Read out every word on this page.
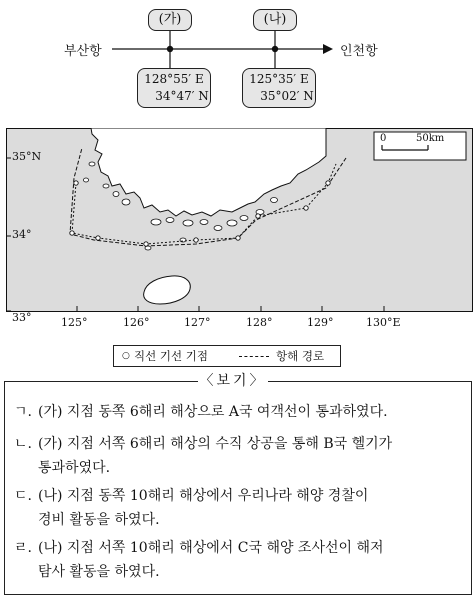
부산항	인천항
(가)	(나)
128°55′ E
34°47′ N
125°35′ E
35°02′ N
0	50km
35°N
34°
33°	125°	126°	127°	128°	129°	130°E
○ 직선 기선 기점	항해 경로
〈보기〉
ㄱ. (가) 지점 동쪽 6해리 해상으로 A국 여객선이 통과하였다.
ㄴ. (가) 지점 서쪽 6해리 해상의 수직 상공을 통해 B국 헬기가
통과하였다.
ㄷ. (나) 지점 동쪽 10해리 해상에서 우리나라 해양 경찰이
경비 활동을 하였다.
ㄹ. (나) 지점 서쪽 10해리 해상에서 C국 해양 조사선이 해저
탐사 활동을 하였다.
